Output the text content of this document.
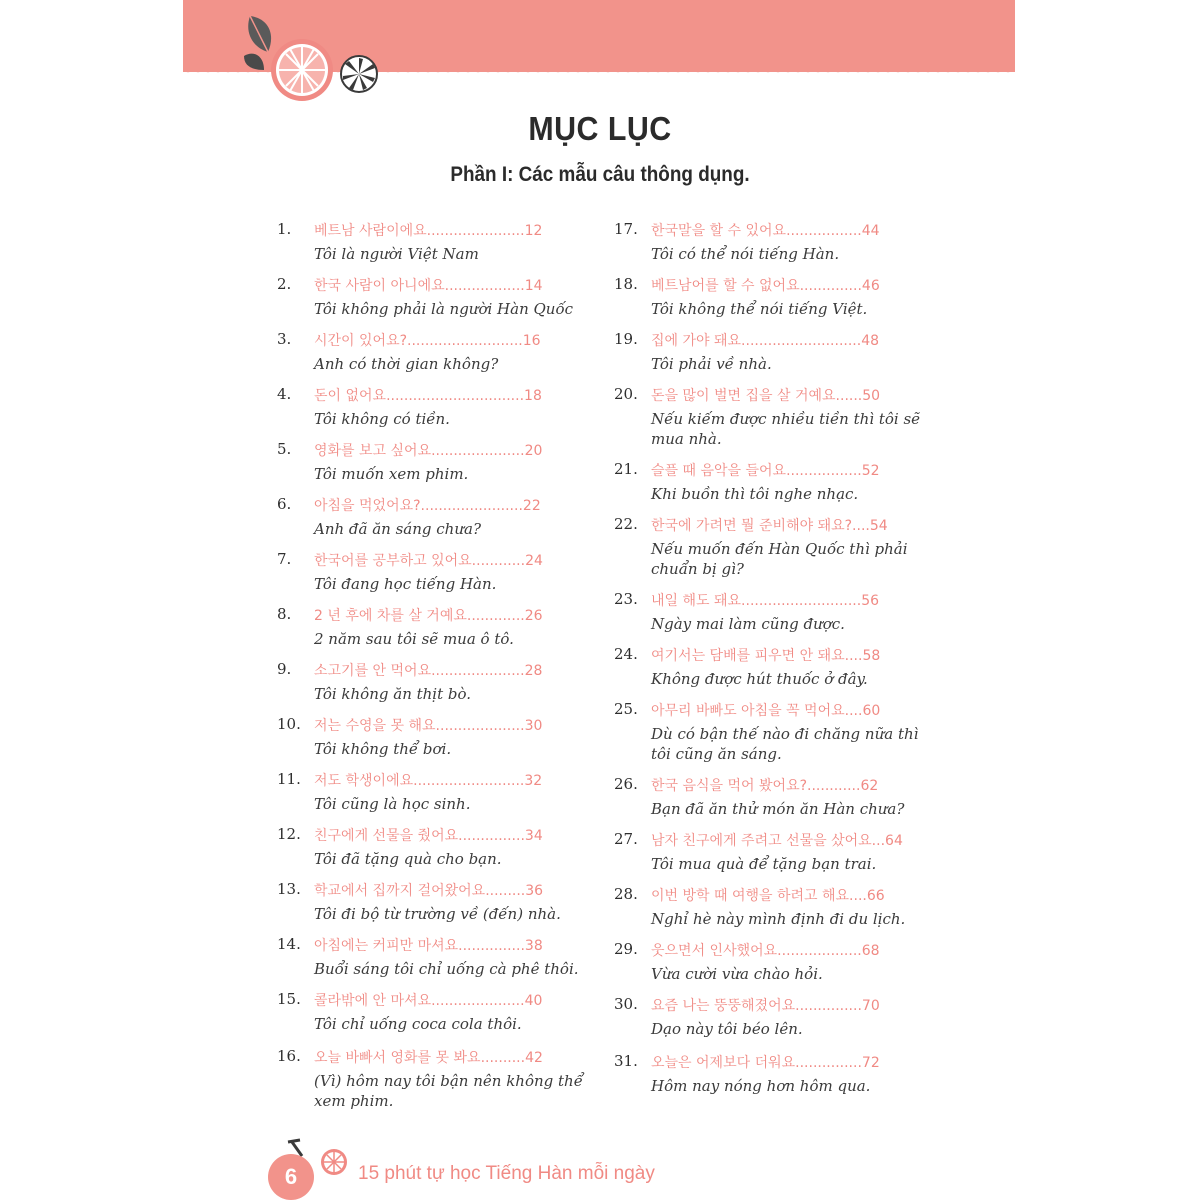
MỤC LỤC
Phần I: Các mẫu câu thông dụng.
1. 베트남 사람이에요......................12
Tôi là người Việt Nam
2. 한국 사람이 아니에요..................14
Tôi không phải là người Hàn Quốc
3. 시간이 있어요?..........................16
Anh có thời gian không?
4. 돈이 없어요...............................18
Tôi không có tiền.
5. 영화를 보고 싶어요.....................20
Tôi muốn xem phim.
6. 아침을 먹었어요?.......................22
Anh đã ăn sáng chưa?
7. 한국어를 공부하고 있어요............24
Tôi đang học tiếng Hàn.
8. 2 년 후에 차를 살 거예요.............26
2 năm sau tôi sẽ mua ô tô.
9. 소고기를 안 먹어요.....................28
Tôi không ăn thịt bò.
10. 저는 수영을 못 해요....................30
Tôi không thể bơi.
11. 저도 학생이에요.........................32
Tôi cũng là học sinh.
12. 친구에게 선물을 줬어요...............34
Tôi đã tặng quà cho bạn.
13. 학교에서 집까지 걸어왔어요.........36
Tôi đi bộ từ trường về (đến) nhà.
14. 아침에는 커피만 마셔요...............38
Buổi sáng tôi chỉ uống cà phê thôi.
15. 콜라밖에 안 마셔요.....................40
Tôi chỉ uống coca cola thôi.
16. 오늘 바빠서 영화를 못 봐요..........42
(Vì) hôm nay tôi bận nên không thể xem phim.
17. 한국말을 할 수 있어요.................44
Tôi có thể nói tiếng Hàn.
18. 베트남어를 할 수 없어요..............46
Tôi không thể nói tiếng Việt.
19. 집에 가야 돼요...........................48
Tôi phải về nhà.
20. 돈을 많이 벌면 집을 살 거예요......50
Nếu kiếm được nhiều tiền thì tôi sẽ mua nhà.
21. 슬플 때 음악을 들어요.................52
Khi buồn thì tôi nghe nhạc.
22. 한국에 가려면 뭘 준비해야 돼요?....54
Nếu muốn đến Hàn Quốc thì phải chuẩn bị gì?
23. 내일 해도 돼요...........................56
Ngày mai làm cũng được.
24. 여기서는 담배를 피우면 안 돼요....58
Không được hút thuốc ở đây.
25. 아무리 바빠도 아침을 꼭 먹어요....60
Dù có bận thế nào đi chăng nữa thì tôi cũng ăn sáng.
26. 한국 음식을 먹어 봤어요?............62
Bạn đã ăn thử món ăn Hàn chưa?
27. 남자 친구에게 주려고 선물을 샀어요...64
Tôi mua quà để tặng bạn trai.
28. 이번 방학 때 여행을 하려고 해요....66
Nghỉ hè này mình định đi du lịch.
29. 웃으면서 인사했어요...................68
Vừa cười vừa chào hỏi.
30. 요즘 나는 뚱뚱해졌어요...............70
Dạo này tôi béo lên.
31. 오늘은 어제보다 더워요...............72
Hôm nay nóng hơn hôm qua.
6	15 phút tự học Tiếng Hàn mỗi ngày
